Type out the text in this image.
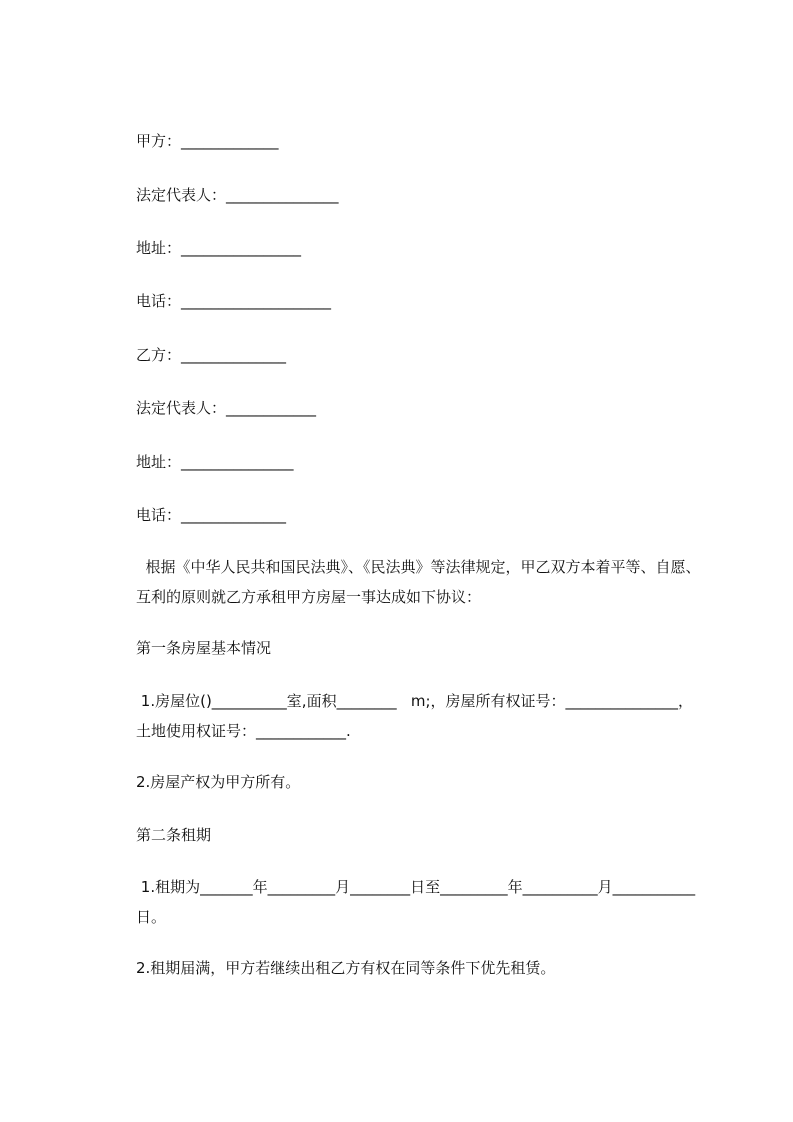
甲方：_____________
法定代表人：_______________
地址：________________
电话：____________________
乙方：______________
法定代表人：____________
地址：_______________
电话：______________
根据《中华人民共和国民法典》、《民法典》等法律规定，甲乙双方本着平等、自愿、互利的原则就乙方承租甲方房屋一事达成如下协议：
第一条房屋基本情况
1.房屋位()__________室,面积________   m;，房屋所有权证号：_______________，土地使用权证号：____________.
2.房屋产权为甲方所有。
第二条租期
1.租期为_______年_________月________日至_________年__________月___________日。
2.租期届满，甲方若继续出租乙方有权在同等条件下优先租赁。
